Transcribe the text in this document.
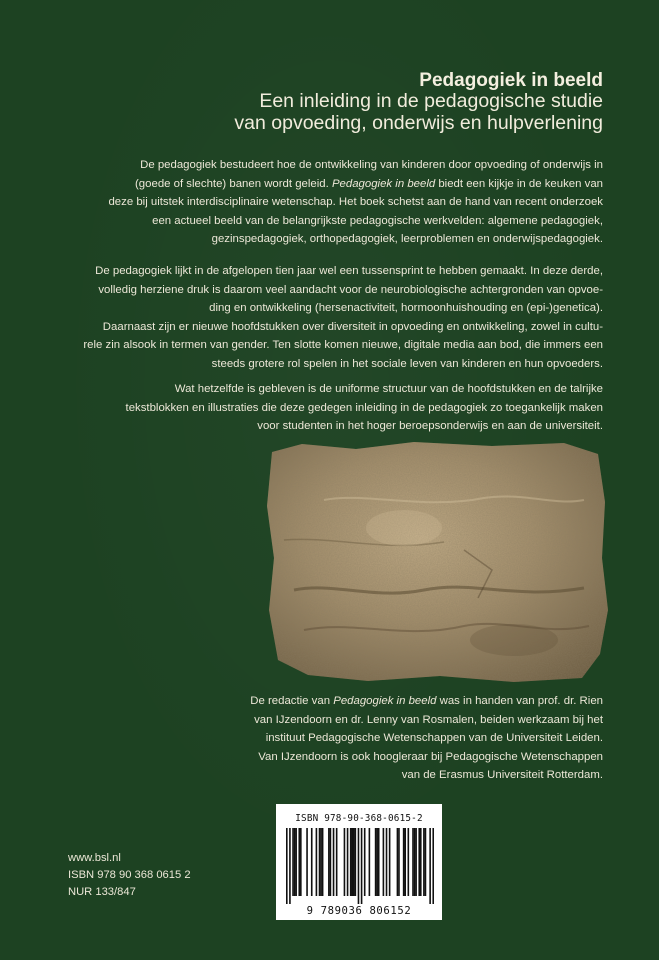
Pedagogiek in beeld
Een inleiding in de pedagogische studie
van opvoeding, onderwijs en hulpverlening
De pedagogiek bestudeert hoe de ontwikkeling van kinderen door opvoeding of onderwijs in
(goede of slechte) banen wordt geleid. Pedagogiek in beeld biedt een kijkje in de keuken van
deze bij uitstek interdisciplinaire wetenschap. Het boek schetst aan de hand van recent onderzoek
een actueel beeld van de belangrijkste pedagogische werkvelden: algemene pedagogiek,
gezinspedagogiek, orthopedagogiek, leerproblemen en onderwijspedagogiek.
De pedagogiek lijkt in de afgelopen tien jaar wel een tussensprint te hebben gemaakt. In deze derde,
volledig herziene druk is daarom veel aandacht voor de neurobiologische achtergronden van opvoe-
ding en ontwikkeling (hersenactiviteit, hormoonhuishouding en (epi-)genetica).
Daarnaast zijn er nieuwe hoofdstukken over diversiteit in opvoeding en ontwikkeling, zowel in cultu-
rele zin alsook in termen van gender. Ten slotte komen nieuwe, digitale media aan bod, die immers een
steeds grotere rol spelen in het sociale leven van kinderen en hun opvoeders.
Wat hetzelfde is gebleven is de uniforme structuur van de hoofdstukken en de talrijke
tekstblokken en illustraties die deze gedegen inleiding in de pedagogiek zo toegankelijk maken
voor studenten in het hoger beroepsonderwijs en aan de universiteit.
De redactie van Pedagogiek in beeld was in handen van prof. dr. Rien
van IJzendoorn en dr. Lenny van Rosmalen, beiden werkzaam bij het
instituut Pedagogische Wetenschappen van de Universiteit Leiden.
Van IJzendoorn is ook hoogleraar bij Pedagogische Wetenschappen
van de Erasmus Universiteit Rotterdam.
www.bsl.nl
ISBN 978 90 368 0615 2
NUR 133/847
ISBN 978-90-368-0615-2
9 789036 806152
